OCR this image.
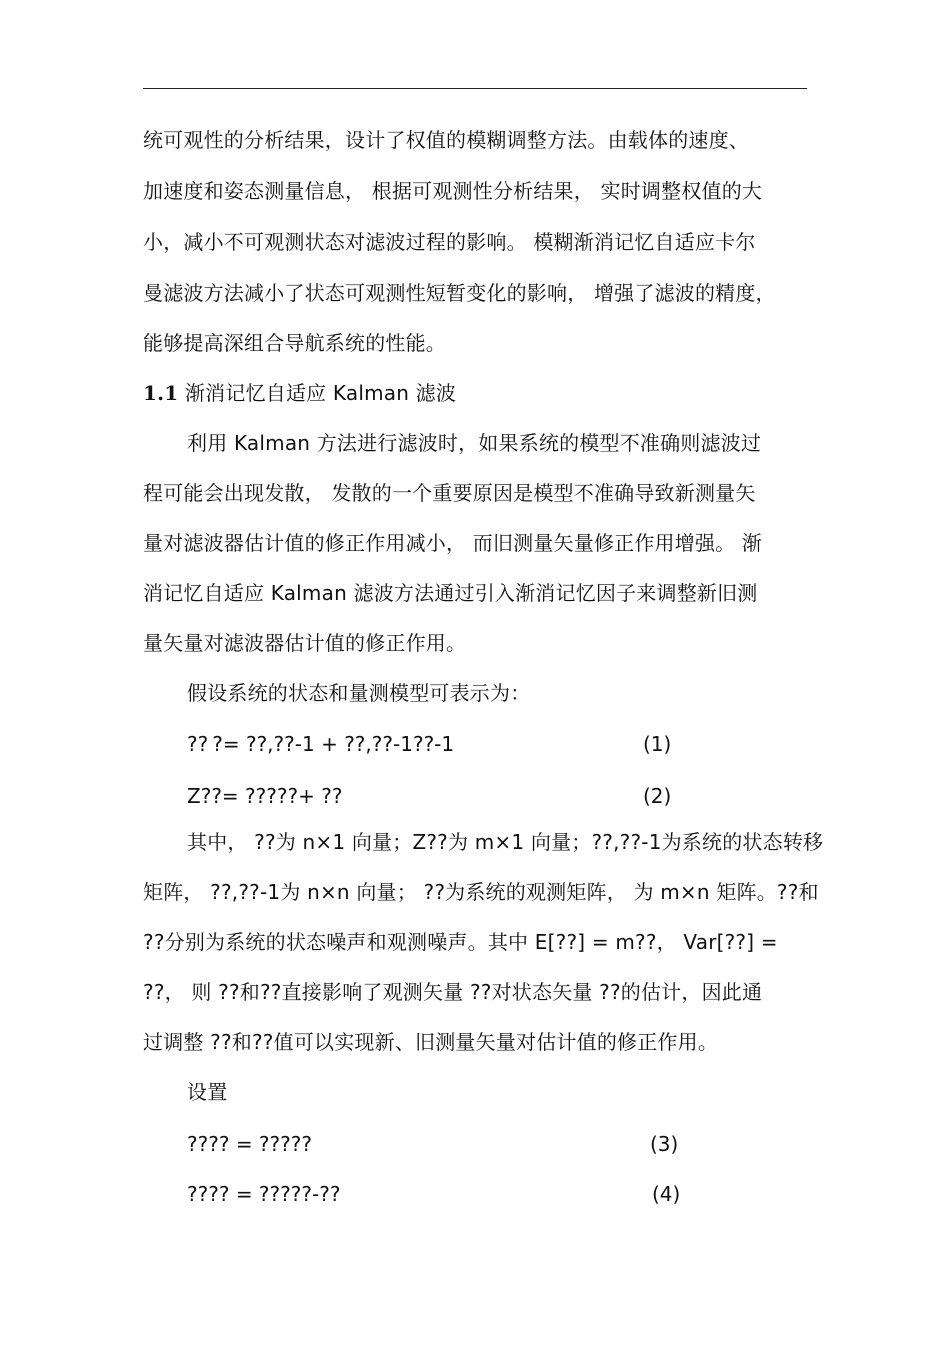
统可观性的分析结果，设计了权值的模糊调整方法。由载体的速度、
加速度和姿态测量信息， 根据可观测性分析结果， 实时调整权值的大
小，减小不可观测状态对滤波过程的影响。 模糊渐消记忆自适应卡尔
曼滤波方法减小了状态可观测性短暂变化的影响， 增强了滤波的精度，
能够提高深组合导航系统的性能。
1.1 渐消记忆自适应 Kalman 滤波
利用 Kalman 方法进行滤波时，如果系统的模型不准确则滤波过
程可能会出现发散， 发散的一个重要原因是模型不准确导致新测量矢
量对滤波器估计值的修正作用减小， 而旧测量矢量修正作用增强。 渐
消记忆自适应 Kalman 滤波方法通过引入渐消记忆因子来调整新旧测
量矢量对滤波器估计值的修正作用。
假设系统的状态和量测模型可表示为：
?? ?= ??,??-1 + ??,??-1??-1	(1)
Z??= ?????+ ??	(2)
其中， ??为 n×1 向量；Z??为 m×1 向量；??,??-1为系统的状态转移
矩阵， ??,??-1为 n×n 向量； ??为系统的观测矩阵， 为 m×n 矩阵。??和
??分别为系统的状态噪声和观测噪声。其中 E[??] = m??， Var[??] =
??， 则 ??和??直接影响了观测矢量 ??对状态矢量 ??的估计，因此通
过调整 ??和??值可以实现新、旧测量矢量对估计值的修正作用。
设置
???? = ?????	(3)
???? = ?????-??	(4)
